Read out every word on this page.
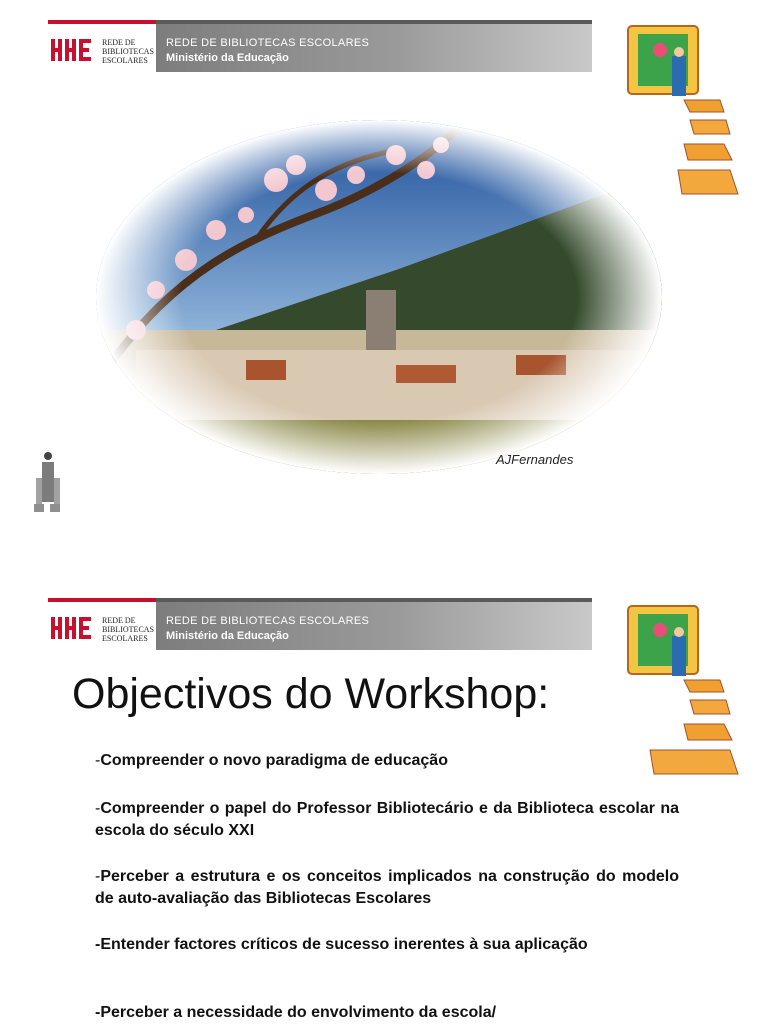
REDE DE
BIBLIOTECAS
ESCOLARES
REDE DE BIBLIOTECAS ESCOLARES
Ministério da Educação
AJFernandes
REDE DE
BIBLIOTECAS
ESCOLARES
REDE DE BIBLIOTECAS ESCOLARES
Ministério da Educação
Objectivos do Workshop:
-Compreender o novo paradigma de educação
-Compreender o papel do Professor Bibliotecário e da Biblioteca escolar na escola do século XXI
-Perceber a estrutura e os conceitos implicados na construção do modelo de auto-avaliação das Bibliotecas Escolares
-Entender factores críticos de sucesso inerentes à sua aplicação
-Perceber a necessidade do envolvimento da escola/
